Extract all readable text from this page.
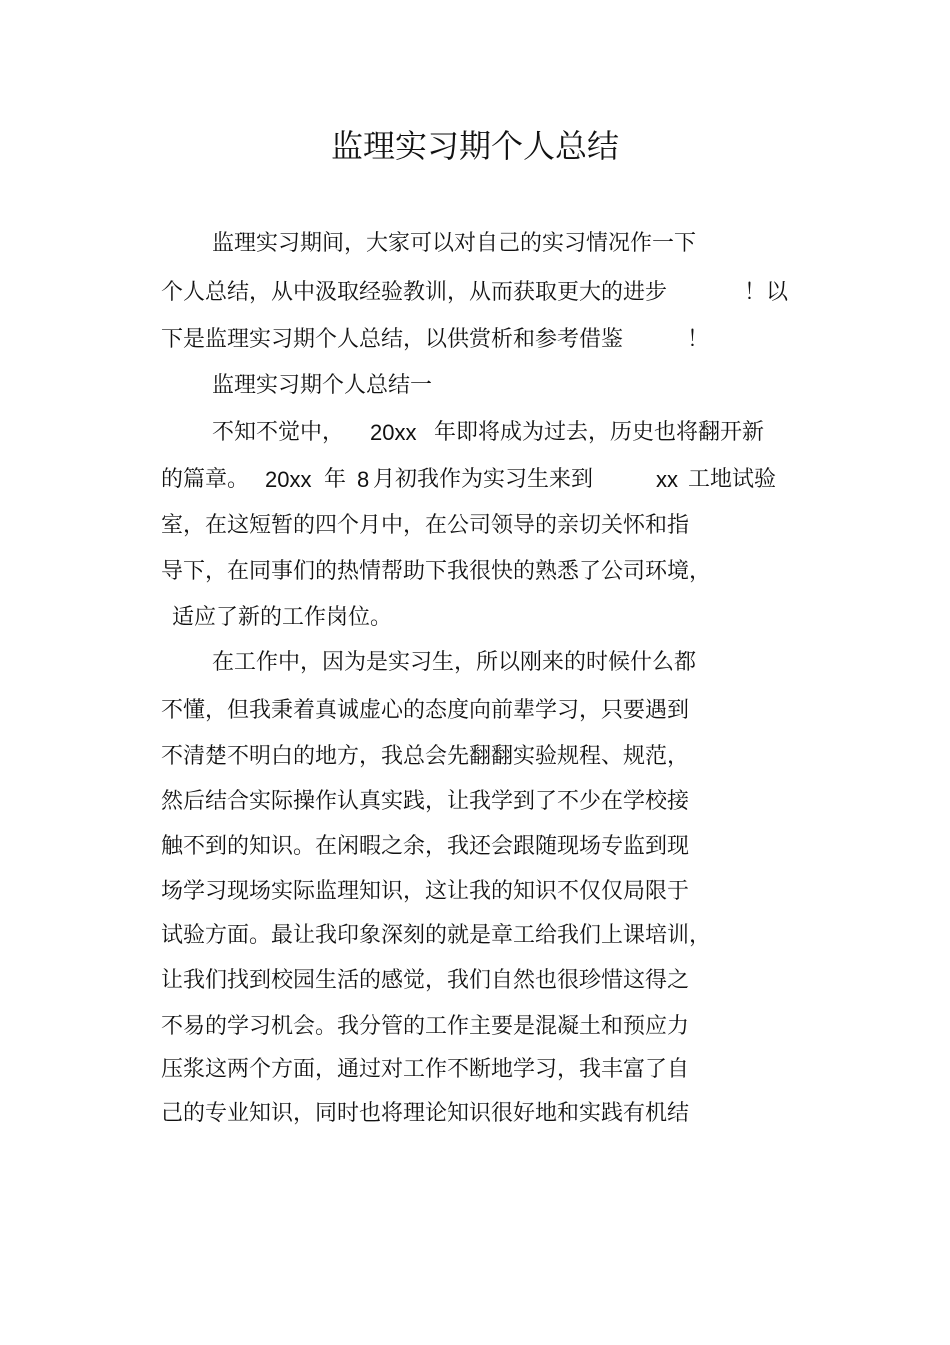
监理实习期个人总结
监理实习期间，大家可以对自己的实习情况作一下
个人总结，从中汲取经验教训，从而获取更大的进步	！以
下是监理实习期个人总结，以供赏析和参考借鉴	！
监理实习期个人总结一
不知不觉中， 20xx 年即将成为过去，历史也将翻开新
的篇章。 20xx 年 8 月初我作为实习生来到	xx 工地试验
室，在这短暂的四个月中，在公司领导的亲切关怀和指
导下，在同事们的热情帮助下我很快的熟悉了公司环境，
适应了新的工作岗位。
在工作中，因为是实习生，所以刚来的时候什么都
不懂，但我秉着真诚虚心的态度向前辈学习，只要遇到
不清楚不明白的地方，我总会先翻翻实验规程、规范，
然后结合实际操作认真实践，让我学到了不少在学校接
触不到的知识。在闲暇之余，我还会跟随现场专监到现
场学习现场实际监理知识，这让我的知识不仅仅局限于
试验方面。最让我印象深刻的就是章工给我们上课培训，
让我们找到校园生活的感觉，我们自然也很珍惜这得之
不易的学习机会。我分管的工作主要是混凝土和预应力
压浆这两个方面，通过对工作不断地学习，我丰富了自
己的专业知识，同时也将理论知识很好地和实践有机结
